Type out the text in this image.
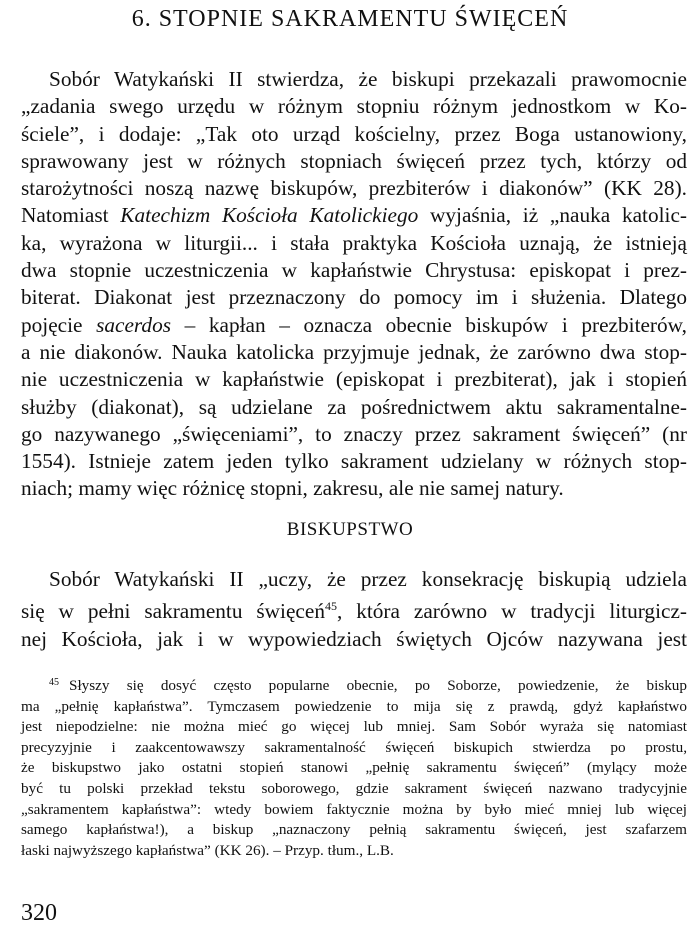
6. STOPNIE SAKRAMENTU ŚWIĘCEŃ

Sobór Watykański II stwierdza, że biskupi przekazali prawomocnie

„zadania swego urzędu w różnym stopniu różnym jednostkom w Ko-
ściele”, i dodaje: „Tak oto urząd kościelny, przez Boga ustanowiony,
sprawowany jest w różnych stopniach święceń przez tych, którzy od
starożytności noszą nazwę biskupów, prezbiterów i diakonów” (KK 28).
Natomiast Katechizm Kościoła Katolickiego wyjaśnia, iż „nauka katolic-
ka, wyrażona w liturgii... i stała praktyka Kościoła uznają, że istnieją
dwa stopnie uczestniczenia w kapłaństwie Chrystusa: episkopat i prez-
biterat. Diakonat jest przeznaczony do pomocy im i służenia. Dlatego
pojęcie sacerdos – kapłan – oznacza obecnie biskupów i prezbiterów,
a nie diakonów. Nauka katolicka przyjmuje jednak, że zarówno dwa stop-
nie uczestniczenia w kapłaństwie (episkopat i prezbiterat), jak i stopień
służby (diakonat), są udzielane za pośrednictwem aktu sakramentalne-
go nazywanego „święceniami”, to znaczy przez sakrament święceń” (nr
1554). Istnieje zatem jeden tylko sakrament udzielany w różnych stop-
niach; mamy więc różnicę stopni, zakresu, ale nie samej natury.
BISKUPSTWO

Sobór Watykański II „uczy, że przez konsekrację biskupią udziela

się w pełni sakramentu święceń$^{45}$, która zarówno w tradycji liturgicz-
nej Kościoła, jak i w wypowiedziach świętych Ojców nazywana jest
$^{45}$ Słyszy się dosyć często popularne obecnie, po Soborze, powiedzenie, że biskup
ma „pełnię kapłaństwa”. Tymczasem powiedzenie to mija się z prawdą, gdyż kapłaństwo
jest niepodzielne: nie można mieć go więcej lub mniej. Sam Sobór wyraża się natomiast
precyzyjnie i zaakcentowawszy sakramentalność święceń biskupich stwierdza po prostu,
że biskupstwo jako ostatni stopień stanowi „pełnię sakramentu święceń” (mylący może
być tu polski przekład tekstu soborowego, gdzie sakrament święceń nazwano tradycyjnie
„sakramentem kapłaństwa”: wtedy bowiem faktycznie można by było mieć mniej lub więcej
samego kapłaństwa!), a biskup „naznaczony pełnią sakramentu święceń, jest szafarzem
łaski najwyższego kapłaństwa” (KK 26). – Przyp. tłum., L.B.
320
